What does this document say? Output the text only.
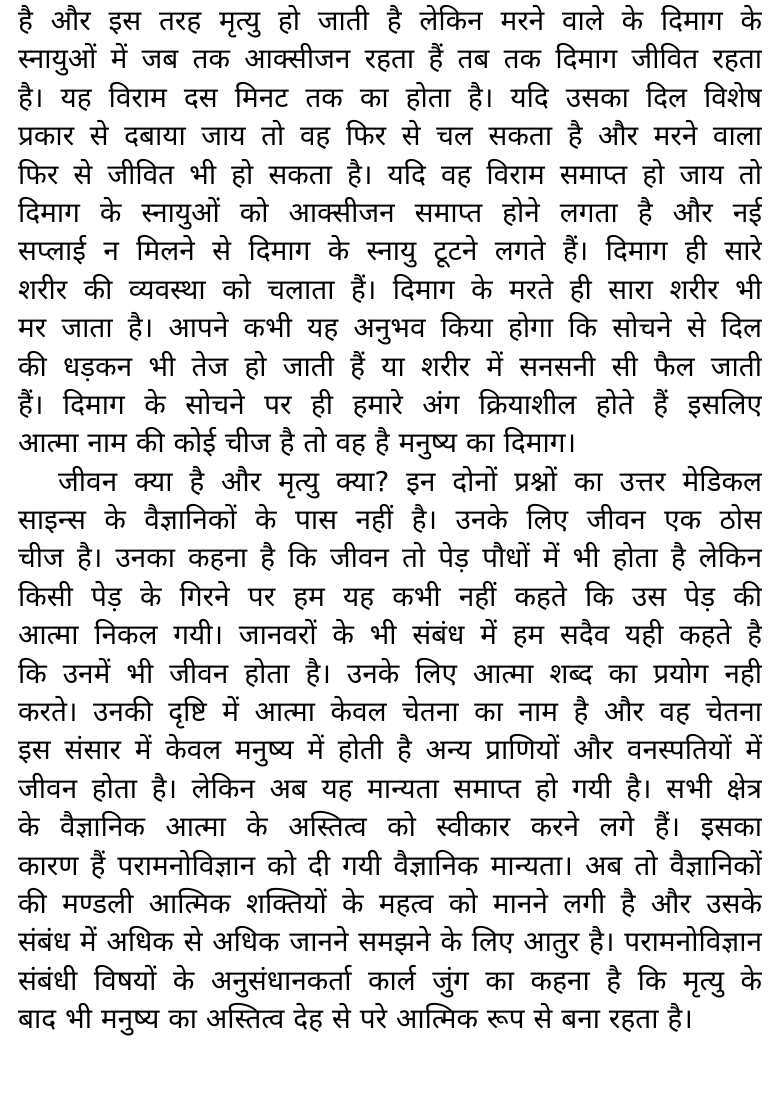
है और इस तरह मृत्यु हो जाती है लेकिन मरने वाले के दिमाग के
स्नायुओं में जब तक आक्सीजन रहता हैं तब तक दिमाग जीवित रहता
है। यह विराम दस मिनट तक का होता है। यदि उसका दिल विशेष
प्रकार से दबाया जाय तो वह फिर से चल सकता है और मरने वाला
फिर से जीवित भी हो सकता है। यदि वह विराम समाप्त हो जाय तो
दिमाग के स्नायुओं को आक्सीजन समाप्त होने लगता है और नई
सप्लाई न मिलने से दिमाग के स्नायु टूटने लगते हैं। दिमाग ही सारे
शरीर की व्यवस्था को चलाता हैं। दिमाग के मरते ही सारा शरीर भी
मर जाता है। आपने कभी यह अनुभव किया होगा कि सोचने से दिल
की धड़कन भी तेज हो जाती हैं या शरीर में सनसनी सी फैल जाती
हैं। दिमाग के सोचने पर ही हमारे अंग क्रियाशील होते हैं इसलिए
आत्मा नाम की कोई चीज है तो वह है मनुष्य का दिमाग।
जीवन क्या है और मृत्यु क्या? इन दोनों प्रश्नों का उत्तर मेडिकल
साइन्स के वैज्ञानिकों के पास नहीं है। उनके लिए जीवन एक ठोस
चीज है। उनका कहना है कि जीवन तो पेड़ पौधों में भी होता है लेकिन
किसी पेड़ के गिरने पर हम यह कभी नहीं कहते कि उस पेड़ की
आत्मा निकल गयी। जानवरों के भी संबंध में हम सदैव यही कहते है
कि उनमें भी जीवन होता है। उनके लिए आत्मा शब्द का प्रयोग नही
करते। उनकी दृष्टि में आत्मा केवल चेतना का नाम है और वह चेतना
इस संसार में केवल मनुष्य में होती है अन्य प्राणियों और वनस्पतियों में
जीवन होता है। लेकिन अब यह मान्यता समाप्त हो गयी है। सभी क्षेत्र
के वैज्ञानिक आत्मा के अस्तित्व को स्वीकार करने लगे हैं। इसका
कारण हैं परामनोविज्ञान को दी गयी वैज्ञानिक मान्यता। अब तो वैज्ञानिकों
की मण्डली आत्मिक शक्तियों के महत्व को मानने लगी है और उसके
संबंध में अधिक से अधिक जानने समझने के लिए आतुर है। परामनोविज्ञान
संबंधी विषयों के अनुसंधानकर्ता कार्ल जुंग का कहना है कि मृत्यु के
बाद भी मनुष्य का अस्तित्व देह से परे आत्मिक रूप से बना रहता है।
